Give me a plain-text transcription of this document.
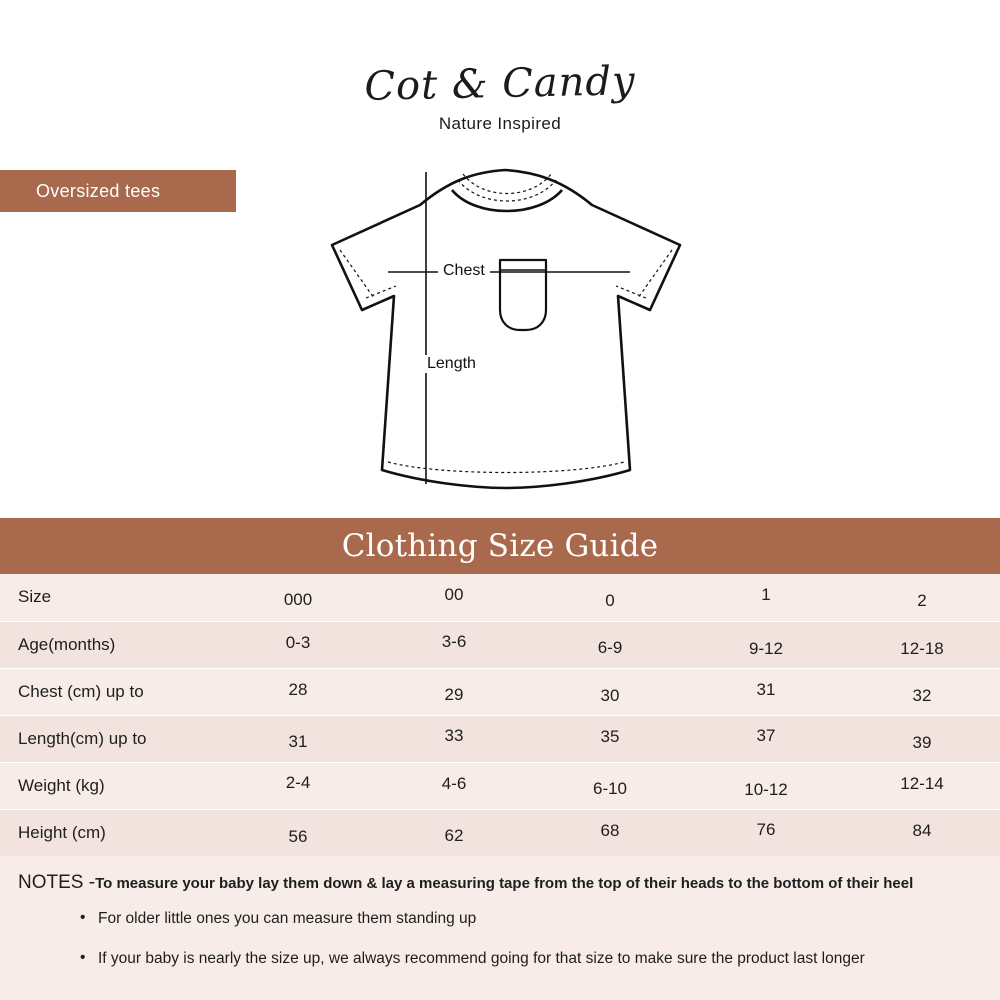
Cot & Candy
Nature Inspired
Oversized tees
Chest
Length
Clothing Size Guide
Size	000	00	0	1	2
Age(months)	0-3	3-6	6-9	9-12	12-18
Chest (cm) up to	28	29	30	31	32
Length(cm) up to	31	33	35	37	39
Weight (kg)	2-4	4-6	6-10	10-12	12-14
Height (cm)	56	62	68	76	84
NOTES -To measure your baby lay them down & lay a measuring tape from the top of their heads to the bottom of their heel
• For older little ones you can measure them standing up
• If your baby is nearly the size up, we always recommend going for that size to make sure the product last longer
